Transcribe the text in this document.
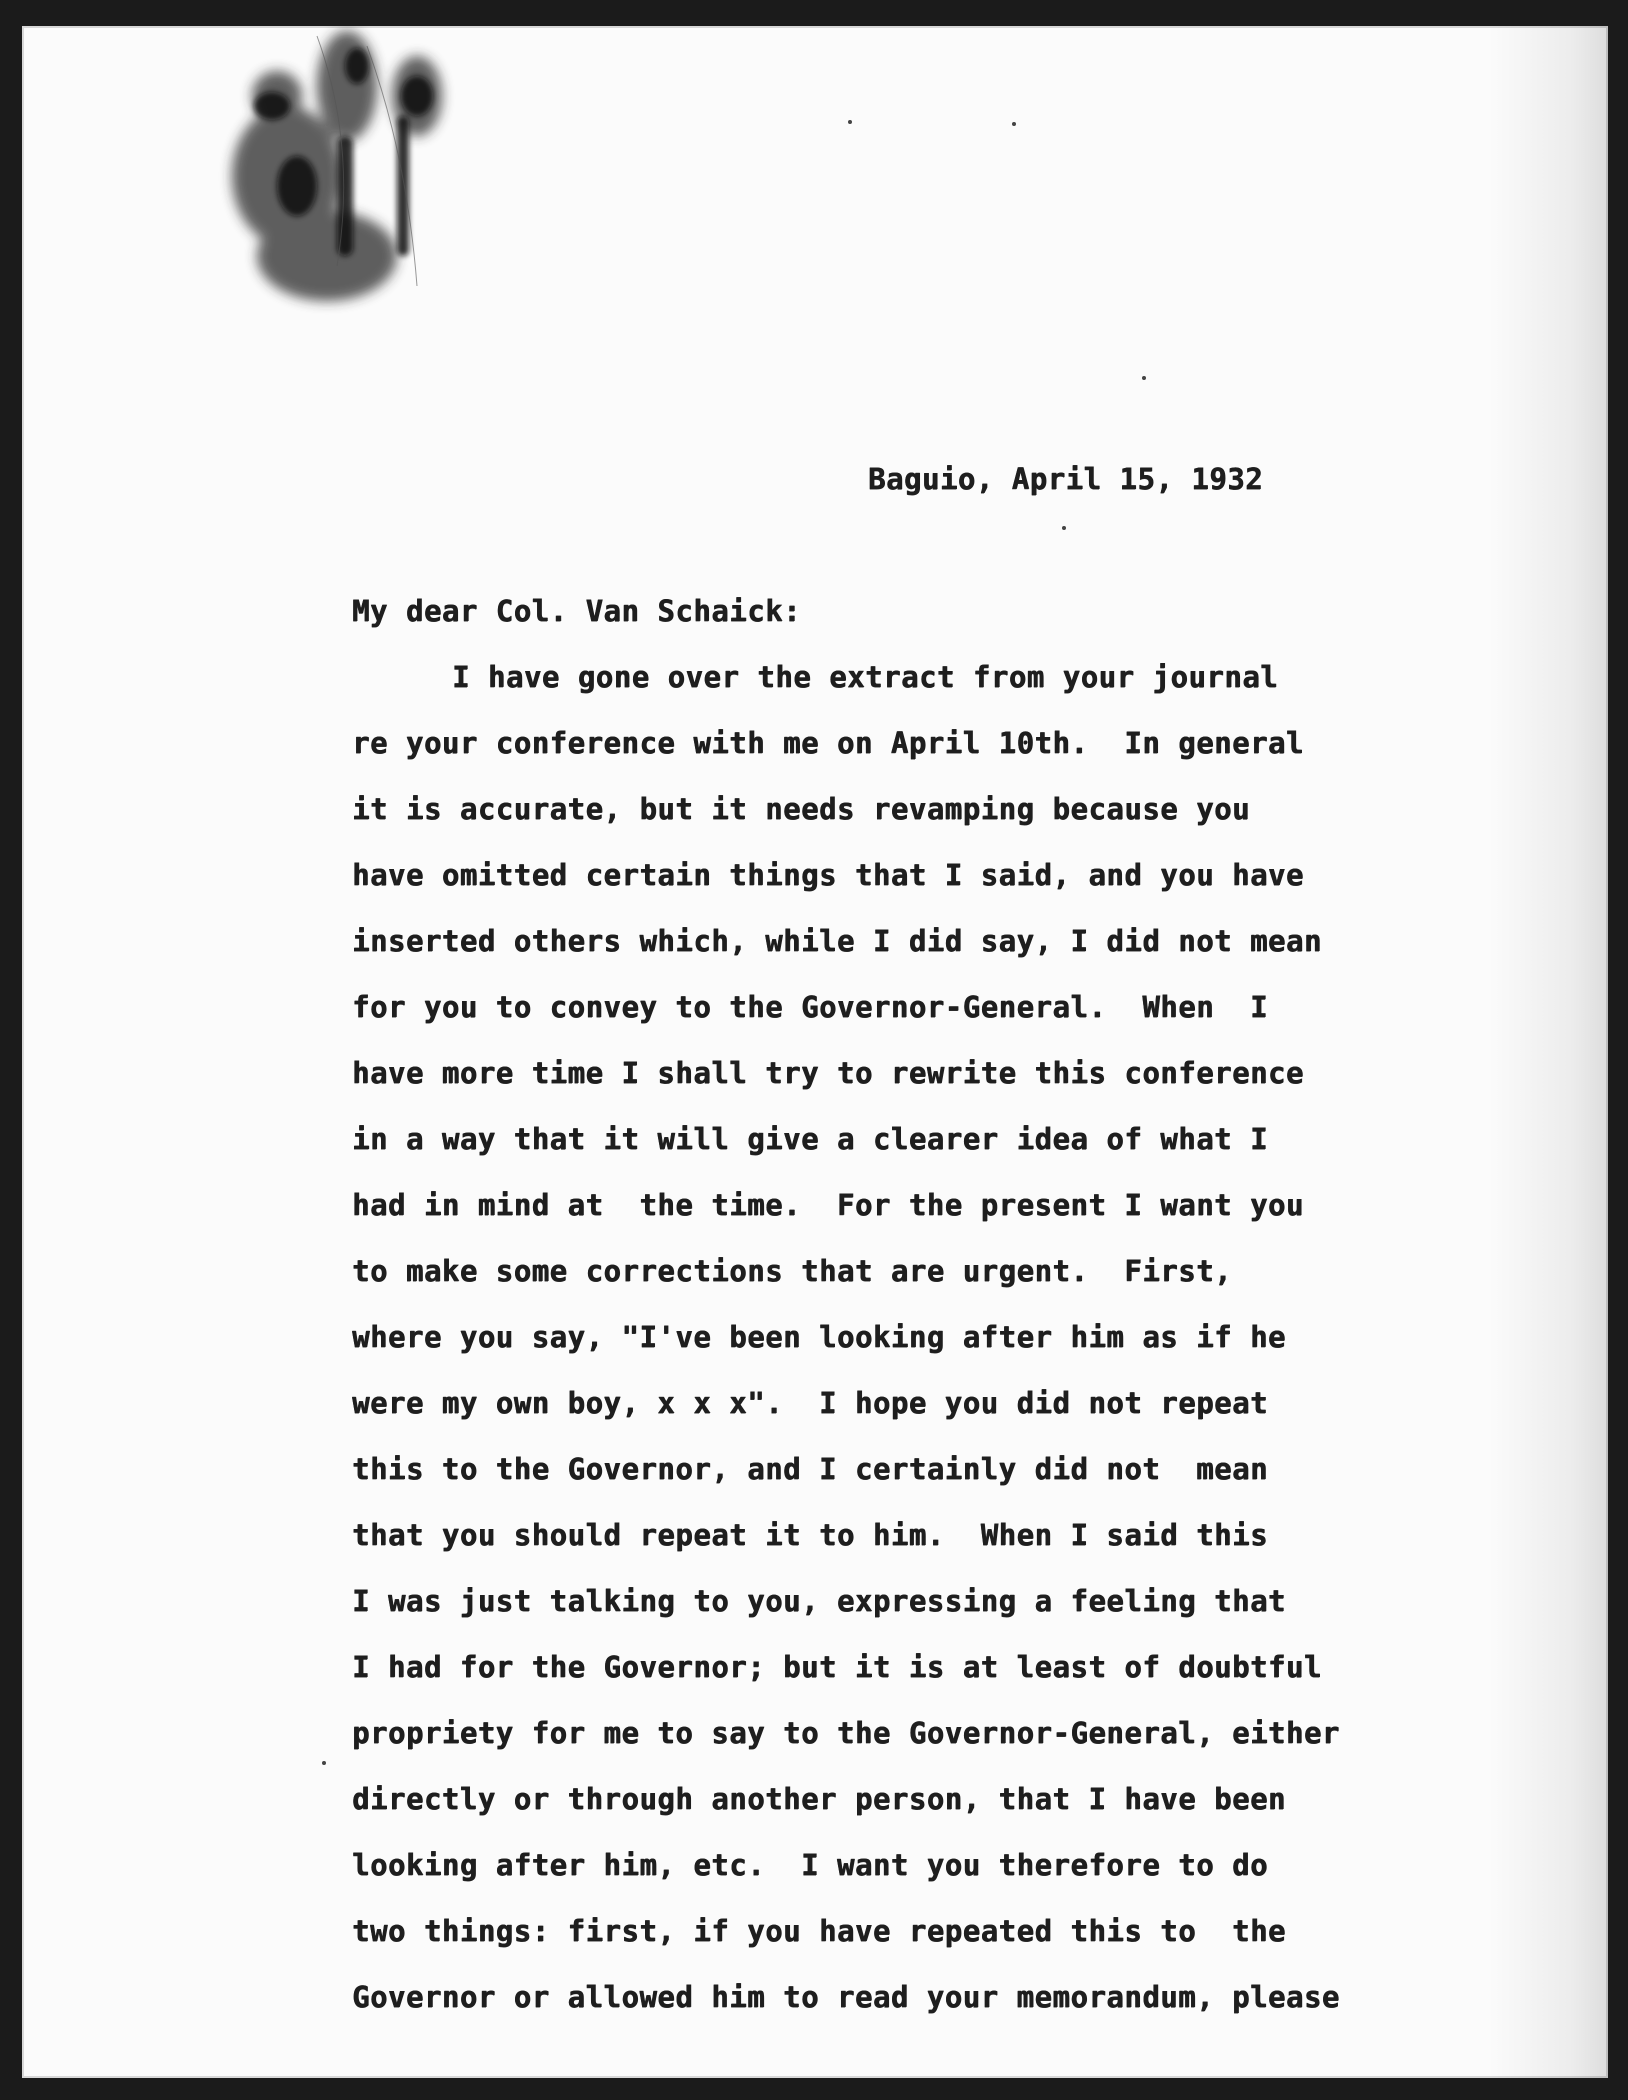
Baguio, April 15, 1932
My dear Col. Van Schaick:
I have gone over the extract from your journal
re your conference with me on April 10th.  In general
it is accurate, but it needs revamping because you
have omitted certain things that I said, and you have
inserted others which, while I did say, I did not mean
for you to convey to the Governor-General.  When  I
have more time I shall try to rewrite this conference
in a way that it will give a clearer idea of what I
had in mind at  the time.  For the present I want you
to make some corrections that are urgent.  First,
where you say, "I've been looking after him as if he
were my own boy, x x x".  I hope you did not repeat
this to the Governor, and I certainly did not  mean
that you should repeat it to him.  When I said this
I was just talking to you, expressing a feeling that
I had for the Governor; but it is at least of doubtful
propriety for me to say to the Governor-General, either
directly or through another person, that I have been
looking after him, etc.  I want you therefore to do
two things: first, if you have repeated this to  the
Governor or allowed him to read your memorandum, please
